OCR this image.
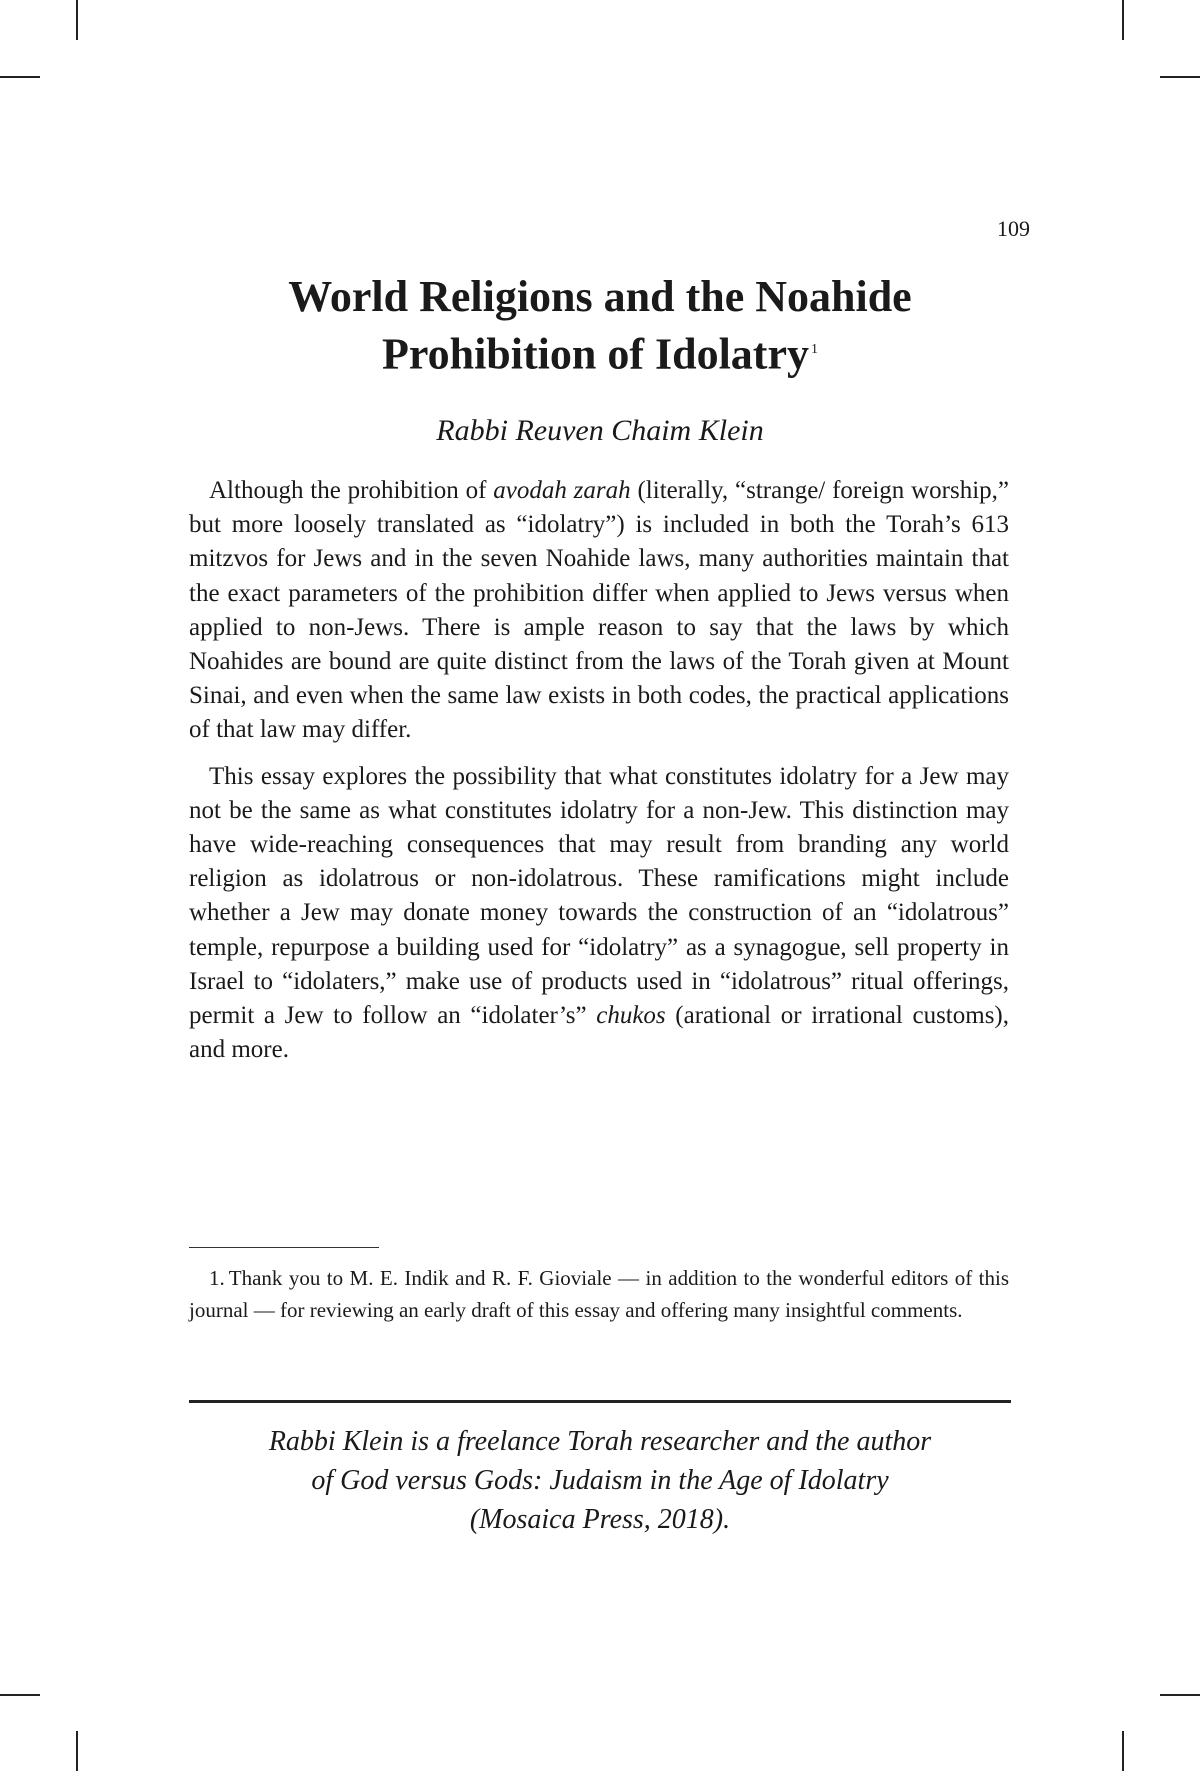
109
World Religions and the Noahide
Prohibition of Idolatry $^1$
Rabbi Reuven Chaim Klein

Although the prohibition of avodah zarah (literally, “strange/ foreign worship,” but more loosely translated as “idolatry”) is included in both the Torah’s 613 mitzvos for Jews and in the seven Noahide laws, many authorities maintain that the exact parameters of the prohibition differ when applied to Jews versus when applied to non-Jews. There is ample reason to say that the laws by which Noahides are bound are quite distinct from the laws of the Torah given at Mount Sinai, and even when the same law exists in both codes, the practical applications of that law may differ.

This essay explores the possibility that what constitutes idolatry for a Jew may not be the same as what constitutes idolatry for a non-Jew. This distinction may have wide-reaching consequences that may result from branding any world religion as idolatrous or non-idolatrous. These ramifications might include whether a Jew may donate money towards the construction of an “idolatrous” temple, repurpose a building used for “idolatry” as a synagogue, sell property in Israel to “idolaters,” make use of products used in “idolatrous” ritual offerings, permit a Jew to follow an “idolater’s” chukos (arational or irrational customs), and more.

1. Thank you to M. E. Indik and R. F. Gioviale — in addition to the wonderful editors of this journal — for reviewing an early draft of this essay and offering many insightful comments.
Rabbi Klein is a freelance Torah researcher and the author
of God versus Gods: Judaism in the Age of Idolatry
(Mosaica Press, 2018).
